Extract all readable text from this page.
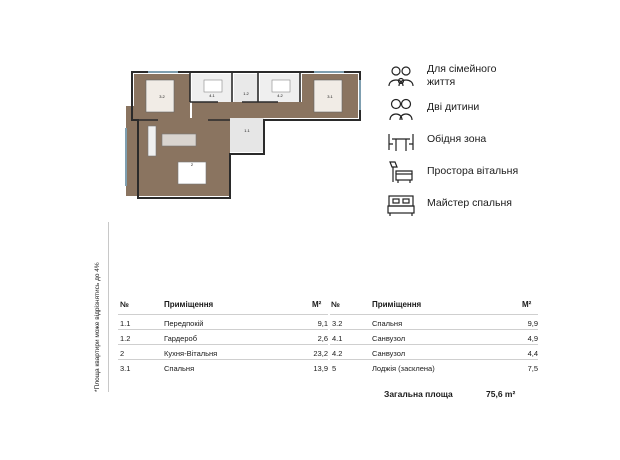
3.2	4.1	1.2	4.2	3.1
1.1
2
*Площа квартири може відрізнятись до 4%
Для сімейного життя
Дві дитини
Обідня зона
Простора вітальня
Майстер спальня
№	Приміщення	М² №	Приміщення	М²
1.1	Передпокій	9,1
1.2	Гардероб	2,6
2	Кухня-Вітальня	23,2
3.1	Спальня	13,9
3.2	Спальня	9,9
4.1	Санвузол	4,9
4.2	Санвузол	4,4
5	Лоджія (засклена)	7,5
Загальна площа	75,6 m²
